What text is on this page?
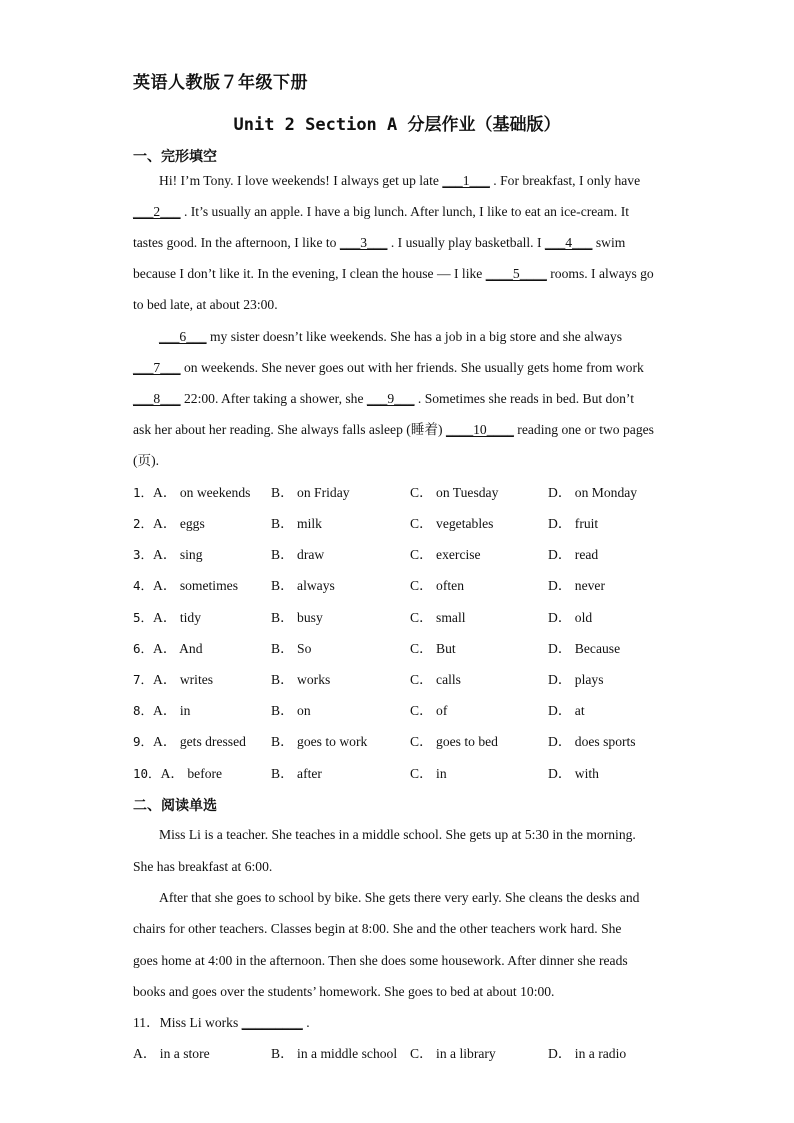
英语人教版７年级下册
Unit 2 Section A 分层作业（基础版）
一、完形填空
Hi! I’m Tony. I love weekends! I always get up late ___1___ . For breakfast, I only have
___2___ . It’s usually an apple. I have a big lunch. After lunch, I like to eat an ice-cream. It
tastes good. In the afternoon, I like to ___3___ . I usually play basketball. I ___4___ swim
because I don’t like it. In the evening, I clean the house — I like ____5____ rooms. I always go
to bed late, at about 23:00.
___6___ my sister doesn’t like weekends. She has a job in a big store and she always
___7___ on weekends. She never goes out with her friends. She usually gets home from work
___8___ 22:00. After taking a shower, she ___9___ . Sometimes she reads in bed. But don’t
ask her about her reading. She always falls asleep (睡着) ____10____ reading one or two pages
(页).
1．A． on weekends B． on Friday	C． on Tuesday	D． on Monday
2．A． eggs	B． milk	C． vegetables	D． fruit
3．A． sing	B． draw	C． exercise	D． read
4．A． sometimes B． always	C． often	D． never
5．A． tidy	B． busy	C． small	D． old
6．A． And	B． So	C． But	D． Because
7．A． writes	B． works	C． calls	D． plays
8．A． in	B． on	C． of	D． at
9．A． gets dressed B． goes to work	C． goes to bed	D． does sports
10．A． before	B． after	C． in	D． with
二、阅读单选
Miss Li is a teacher. She teaches in a middle school. She gets up at 5:30 in the morning.
She has breakfast at 6:00.
After that she goes to school by bike. She gets there very early. She cleans the desks and
chairs for other teachers. Classes begin at 8:00. She and the other teachers work hard. She
goes home at 4:00 in the afternoon. Then she does some housework. After dinner she reads
books and goes over the students’ homework. She goes to bed at about 10:00.
11．Miss Li works _________ .
A． in a store	B． in a middle school C． in a library	D． in a radio
